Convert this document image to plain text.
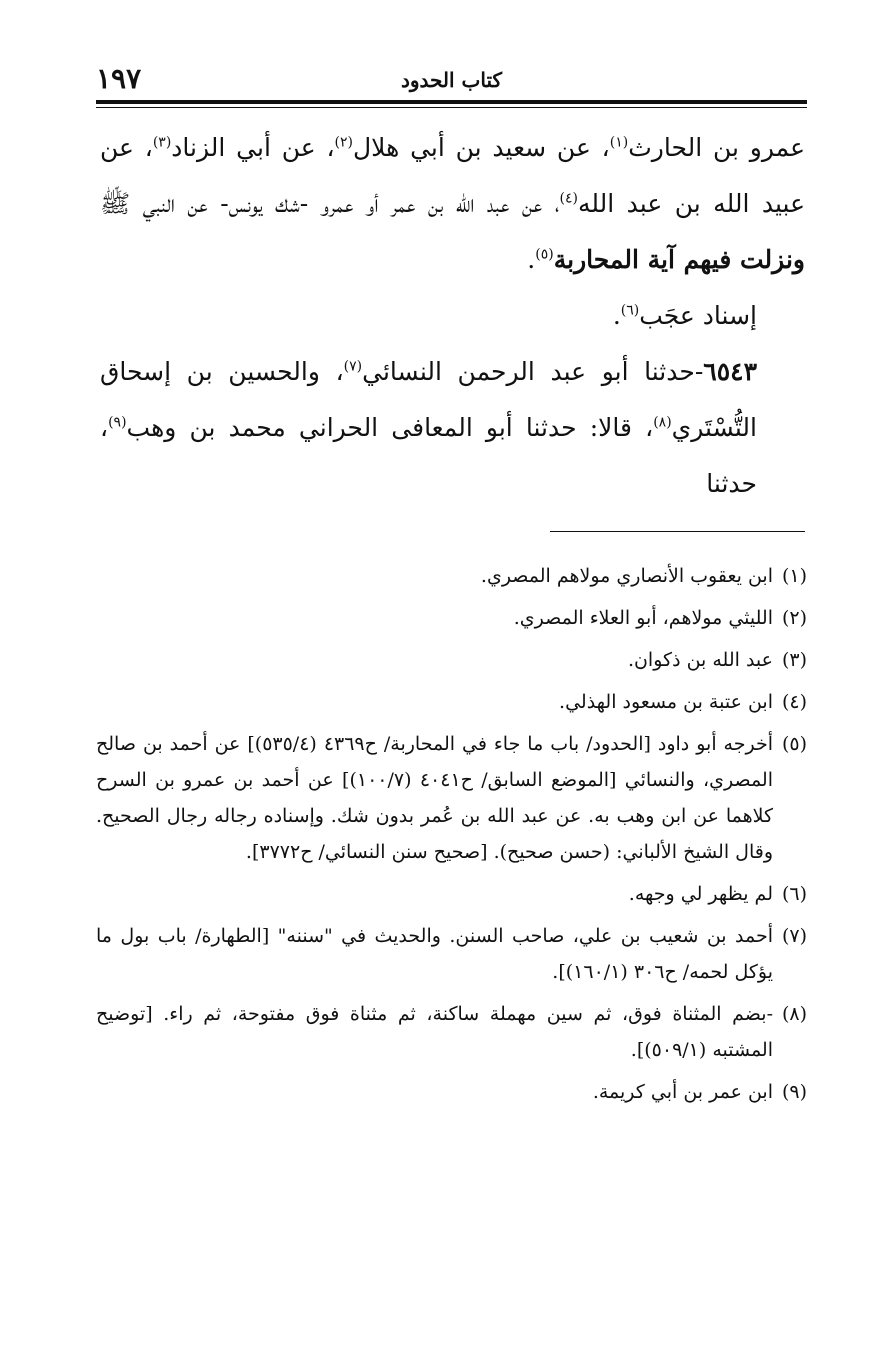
كتاب الحدود
١٩٧

عمرو بن الحارث$^{(١)}$، عن سعيد بن أبي هلال$^{(٢)}$، عن أبي الزناد$^{(٣)}$، عن عبيد الله بن عبد الله$^{(٤)}$، عن عبد الله بن عمر أو عمرو -شك يونس- عن النبي ﷺ ونزلت فيهم آية المحاربة$^{(٥)}$.

إسناد عجَب$^{(٦)}$.

٦٥٤٣-حدثنا أبو عبد الرحمن النسائي$^{(٧)}$، والحسين بن إسحاق التُّسْتَري$^{(٨)}$، قالا: حدثنا أبو المعافى الحراني محمد بن وهب$^{(٩)}$، حدثنا

(١)
ابن يعقوب الأنصاري مولاهم المصري.
(٢)
الليثي مولاهم، أبو العلاء المصري.
(٣)
عبد الله بن ذكوان.
(٤)
ابن عتبة بن مسعود الهذلي.
(٥)
أخرجه أبو داود [الحدود/ باب ما جاء في المحاربة/ ح٤٣٦٩ (٥٣٥/٤)] عن أحمد بن صالح المصري، والنسائي [الموضع السابق/ ح٤٠٤١ (١٠٠/٧)] عن أحمد بن عمرو بن السرح كلاهما عن ابن وهب به. عن عبد الله بن عُمر بدون شك. وإسناده رجاله رجال الصحيح. وقال الشيخ الألباني: (حسن صحيح). [صحيح سنن النسائي/ ح٣٧٧٢].
(٦)
لم يظهر لي وجهه.
(٧)
أحمد بن شعيب بن علي، صاحب السنن. والحديث في "سننه" [الطهارة/ باب بول ما يؤكل لحمه/ ح٣٠٦ (١٦٠/١)].
(٨)
-بضم المثناة فوق، ثم سين مهملة ساكنة، ثم مثناة فوق مفتوحة، ثم راء. [توضيح المشتبه (٥٠٩/١)].
(٩)
ابن عمر بن أبي كريمة.
